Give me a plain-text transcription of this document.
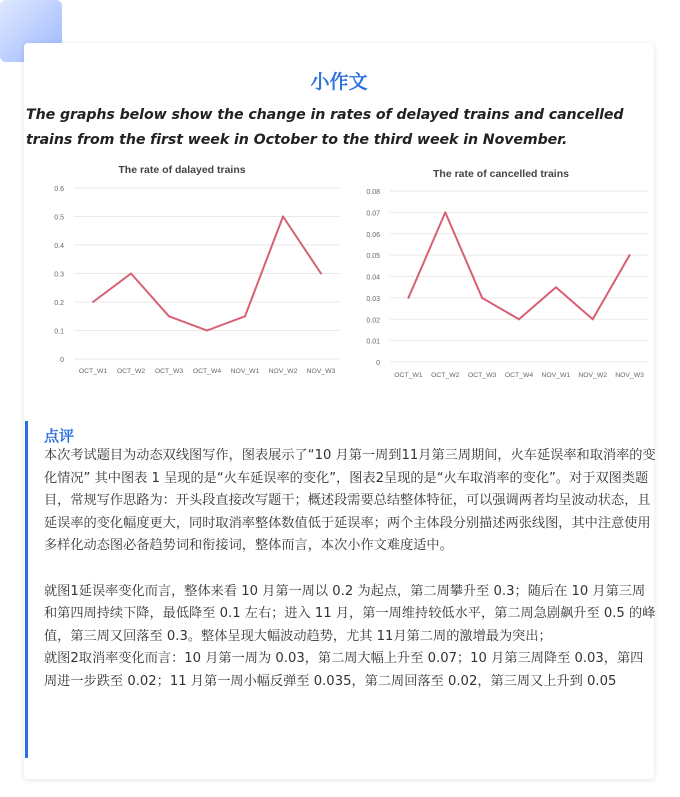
小作文
The graphs below show the change in rates of delayed trains and cancelled trains from the first week in October to the third week in November.
The rate of dalayed trains
0
0.1
0.2
0.3
0.4
0.5
0.6
OCT_W1 OCT_W2 OCT_W3 OCT_W4 NOV_W1 NOV_W2 NOV_W3
The rate of cancelled trains
0
0.01
0.02
0.03
0.04
0.05
0.06
0.07
0.08
OCT_W1 OCT_W2 OCT_W3 OCT_W4 NOV_W1 NOV_W2 NOV_W3
点评

本次考试题目为动态双线图写作，图表展示了“10 月第一周到11月第三周期间，火车延误率和取消率的变化情况” 其中图表 1 呈现的是“火车延误率的变化”，图表2呈现的是“火车取消率的变化”。对于双图类题目，常规写作思路为：开头段直接改写题干；概述段需要总结整体特征，可以强调两者均呈波动状态，且延误率的变化幅度更大，同时取消率整体数值低于延误率；两个主体段分别描述两张线图，其中注意使用多样化动态图必备趋势词和衔接词，整体而言，本次小作文难度适中。

就图1延误率变化而言，整体来看 10 月第一周以 0.2 为起点，第二周攀升至 0.3；随后在 10 月第三周和第四周持续下降，最低降至 0.1 左右；进入 11 月，第一周维持较低水平，第二周急剧飙升至 0.5 的峰值，第三周又回落至 0.3。整体呈现大幅波动趋势，尤其 11月第二周的激增最为突出；

就图2取消率变化而言：10 月第一周为 0.03，第二周大幅上升至 0.07；10 月第三周降至 0.03，第四周进一步跌至 0.02；11 月第一周小幅反弹至 0.035，第二周回落至 0.02，第三周又上升到 0.05
